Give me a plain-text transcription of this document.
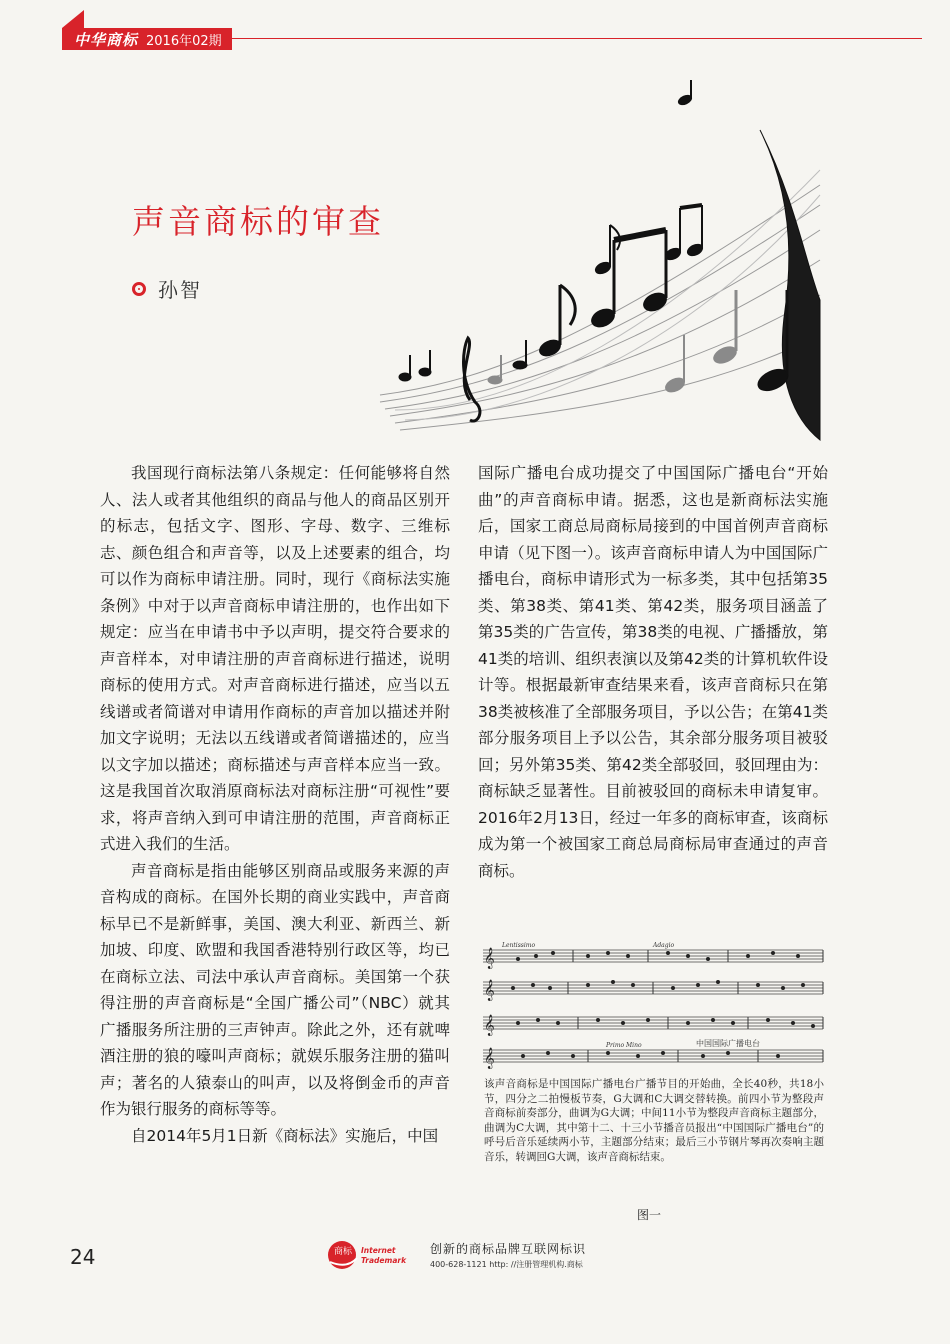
中华商标 2016年02期
声音商标的审查
孙智

我国现行商标法第八条规定：任何能够将自然人、法人或者其他组织的商品与他人的商品区别开的标志，包括文字、图形、字母、数字、三维标志、颜色组合和声音等，以及上述要素的组合，均可以作为商标申请注册。同时，现行《商标法实施条例》中对于以声音商标申请注册的，也作出如下规定：应当在申请书中予以声明，提交符合要求的声音样本，对申请注册的声音商标进行描述，说明商标的使用方式。对声音商标进行描述，应当以五线谱或者简谱对申请用作商标的声音加以描述并附加文字说明；无法以五线谱或者简谱描述的，应当以文字加以描述；商标描述与声音样本应当一致。这是我国首次取消原商标法对商标注册“可视性”要求，将声音纳入到可申请注册的范围，声音商标正式进入我们的生活。

声音商标是指由能够区别商品或服务来源的声音构成的商标。在国外长期的商业实践中，声音商标早已不是新鲜事，美国、澳大利亚、新西兰、新加坡、印度、欧盟和我国香港特别行政区等，均已在商标立法、司法中承认声音商标。美国第一个获得注册的声音商标是“全国广播公司”（NBC）就其广播服务所注册的三声钟声。除此之外，还有就啤酒注册的狼的嚎叫声商标；就娱乐服务注册的猫叫声；著名的人猿泰山的叫声，以及将倒金币的声音作为银行服务的商标等等。

自2014年5月1日新《商标法》实施后，中国

国际广播电台成功提交了中国国际广播电台“开始曲”的声音商标申请。据悉，这也是新商标法实施后，国家工商总局商标局接到的中国首例声音商标申请（见下图一）。该声音商标申请人为中国国际广播电台，商标申请形式为一标多类，其中包括第35类、第38类、第41类、第42类，服务项目涵盖了第35类的广告宣传，第38类的电视、广播播放，第41类的培训、组织表演以及第42类的计算机软件设计等。根据最新审查结果来看，该声音商标只在第38类被核准了全部服务项目，予以公告；在第41类部分服务项目上予以公告，其余部分服务项目被驳回；另外第35类、第42类全部驳回，驳回理由为：商标缺乏显著性。目前被驳回的商标未申请复审。2016年2月13日，经过一年多的商标审查，该商标成为第一个被国家工商总局商标局审查通过的声音商标。

𝄞
𝄞
𝄞
𝄞
Lentissimo	Adagio
Primo Mino	中国国际广播电台
该声音商标是中国国际广播电台广播节目的开始曲，全长40秒，共18小节，四分之二拍慢板节奏，G大调和C大调交替转换。前四小节为整段声音商标前奏部分，曲调为G大调；中间11小节为整段声音商标主题部分，曲调为C大调，其中第十二、十三小节播音员报出“中国国际广播电台”的呼号后音乐延续两小节，主题部分结束；最后三小节钢片琴再次奏响主题音乐，转调回G大调，该声音商标结束。
图一
24	商标 Internet
Trademark
创新的商标品牌互联网标识
400-628-1121 http: //注册管理机构.商标
